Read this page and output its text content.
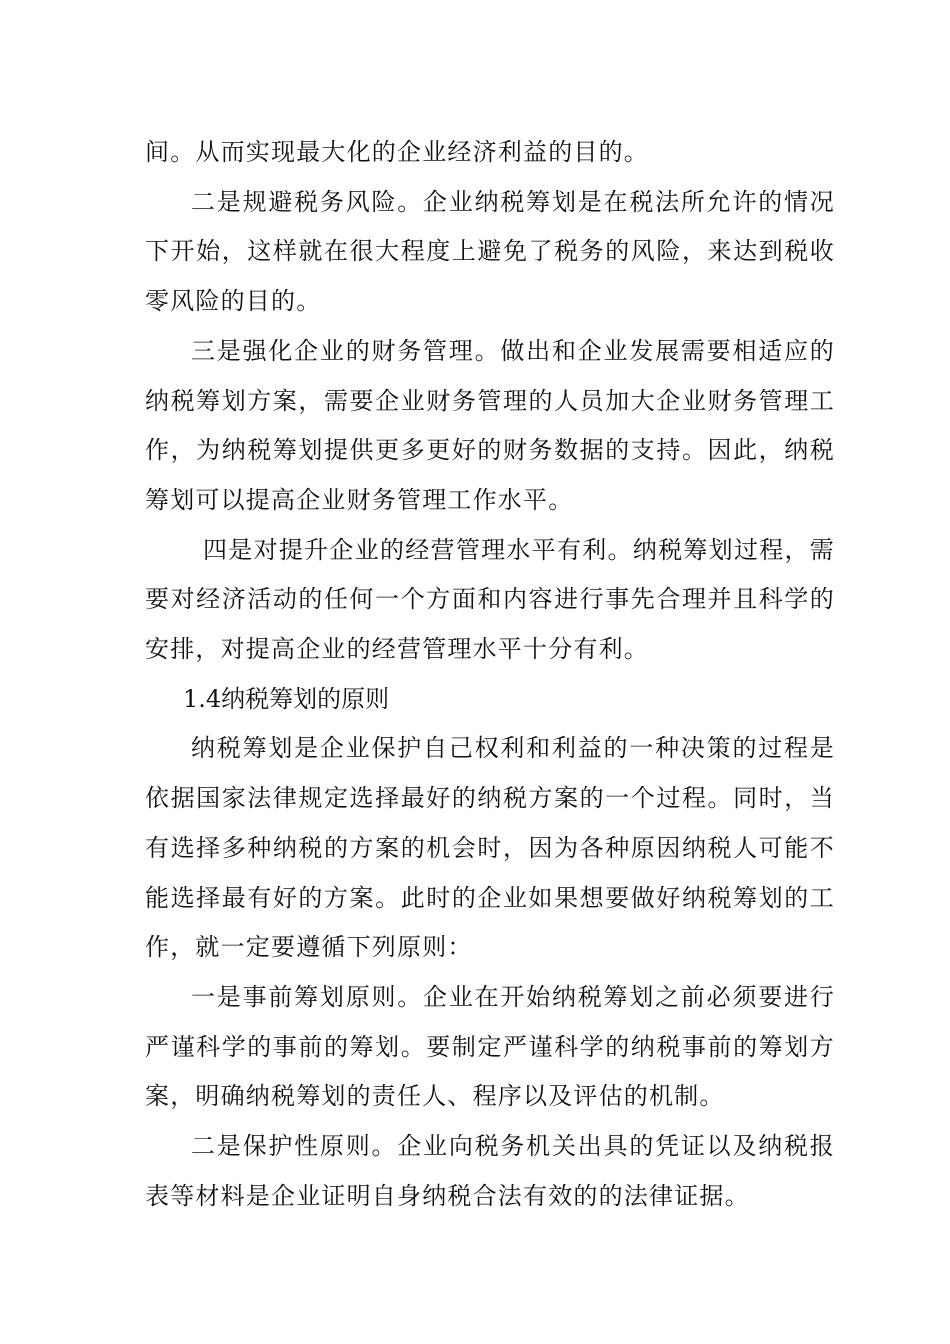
间。从而实现最大化的企业经济利益的目的。

二是规避税务风险。企业纳税筹划是在税法所允许的情况下开始，这样就在很大程度上避免了税务的风险，来达到税收零风险的目的。

三是强化企业的财务管理。做出和企业发展需要相适应的纳税筹划方案，需要企业财务管理的人员加大企业财务管理工作，为纳税筹划提供更多更好的财务数据的支持。因此，纳税筹划可以提高企业财务管理工作水平。

四是对提升企业的经营管理水平有利。纳税筹划过程，需要对经济活动的任何一个方面和内容进行事先合理并且科学的安排，对提高企业的经营管理水平十分有利。

1.4纳税筹划的原则

纳税筹划是企业保护自己权利和利益的一种决策的过程是依据国家法律规定选择最好的纳税方案的一个过程。同时，当有选择多种纳税的方案的机会时，因为各种原因纳税人可能不能选择最有好的方案。此时的企业如果想要做好纳税筹划的工作，就一定要遵循下列原则：

一是事前筹划原则。企业在开始纳税筹划之前必须要进行严谨科学的事前的筹划。要制定严谨科学的纳税事前的筹划方案，明确纳税筹划的责任人、程序以及评估的机制。

二是保护性原则。企业向税务机关出具的凭证以及纳税报表等材料是企业证明自身纳税合法有效的的法律证据。
